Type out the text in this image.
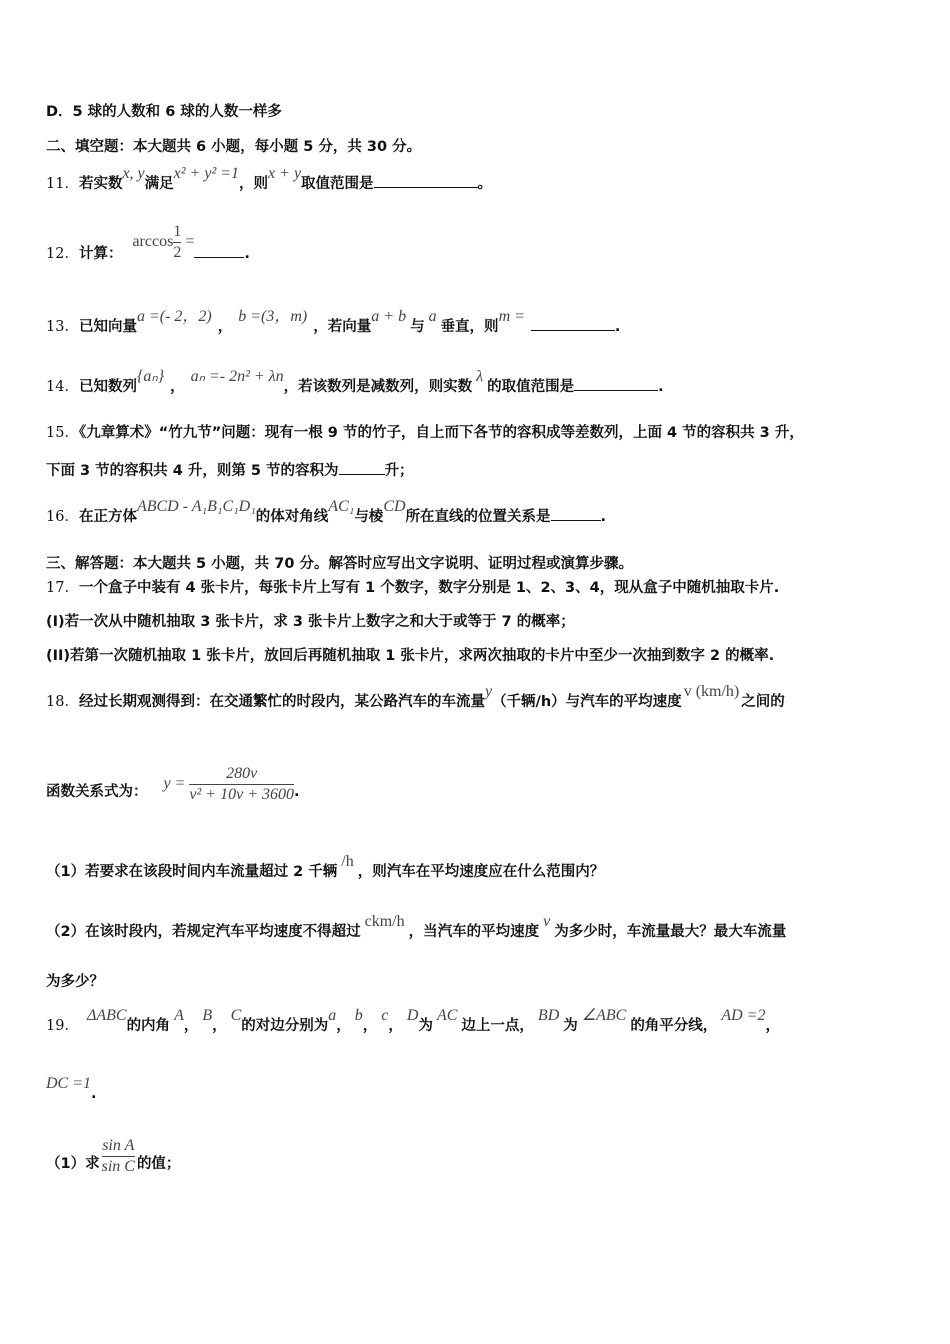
D．5 球的人数和 6 球的人数一样多
二、填空题：本大题共 6 小题，每小题 5 分，共 30 分。
11．若实数x, y满足x² + y² =1，则x + y取值范围是	。
12．计算：$\arccos \frac{1}{2}$ =.
13．已知向量a =(- 2，2)，b =(3，m)，若向量a + b与a垂直，则m =.
14．已知数列{aₙ}，aₙ =- 2n² + λn，若该数列是减数列，则实数λ的取值范围是	.
15．《九章算术》“竹九节”问题：现有一根 9 节的竹子，自上而下各节的容积成等差数列，上面 4 节的容积共 3 升，
下面 3 节的容积共 4 升，则第 5 节的容积为	升；
16．在正方体ABCD - A₁B₁C₁D₁的体对角线AC₁与棱CD所在直线的位置关系是	.
三、解答题：本大题共 5 小题，共 70 分。解答时应写出文字说明、证明过程或演算步骤。
17．一个盒子中装有 4 张卡片，每张卡片上写有 1 个数字，数字分别是 1、2、3、4，现从盒子中随机抽取卡片.
(I)若一次从中随机抽取 3 张卡片，求 3 张卡片上数字之和大于或等于 7 的概率；
(II)若第一次随机抽取 1 张卡片，放回后再随机抽取 1 张卡片，求两次抽取的卡片中至少一次抽到数字 2 的概率.
18．经过长期观测得到：在交通繁忙的时段内，某公路汽车的车流量y（千辆/h）与汽车的平均速度v (km/h)之间的
函数关系式为： $y = \frac{280v}{\text{v² + 10v + 3600}}$ .
（1）若要求在该段时间内车流量超过 2 千辆/h，则汽车在平均速度应在什么范围内？
（2）在该时段内，若规定汽车平均速度不得超过ckm/h，当汽车的平均速度v为多少时，车流量最大？最大车流量
为多少？
19．ΔABC的内角A，B，C的对边分别为a，b，c，D为AC边上一点，BD为∠ABC的角平分线，AD =2，
DC =1.
（1）求 $\frac{\text{sin A}}{\text{sin C}}$ 的值；
